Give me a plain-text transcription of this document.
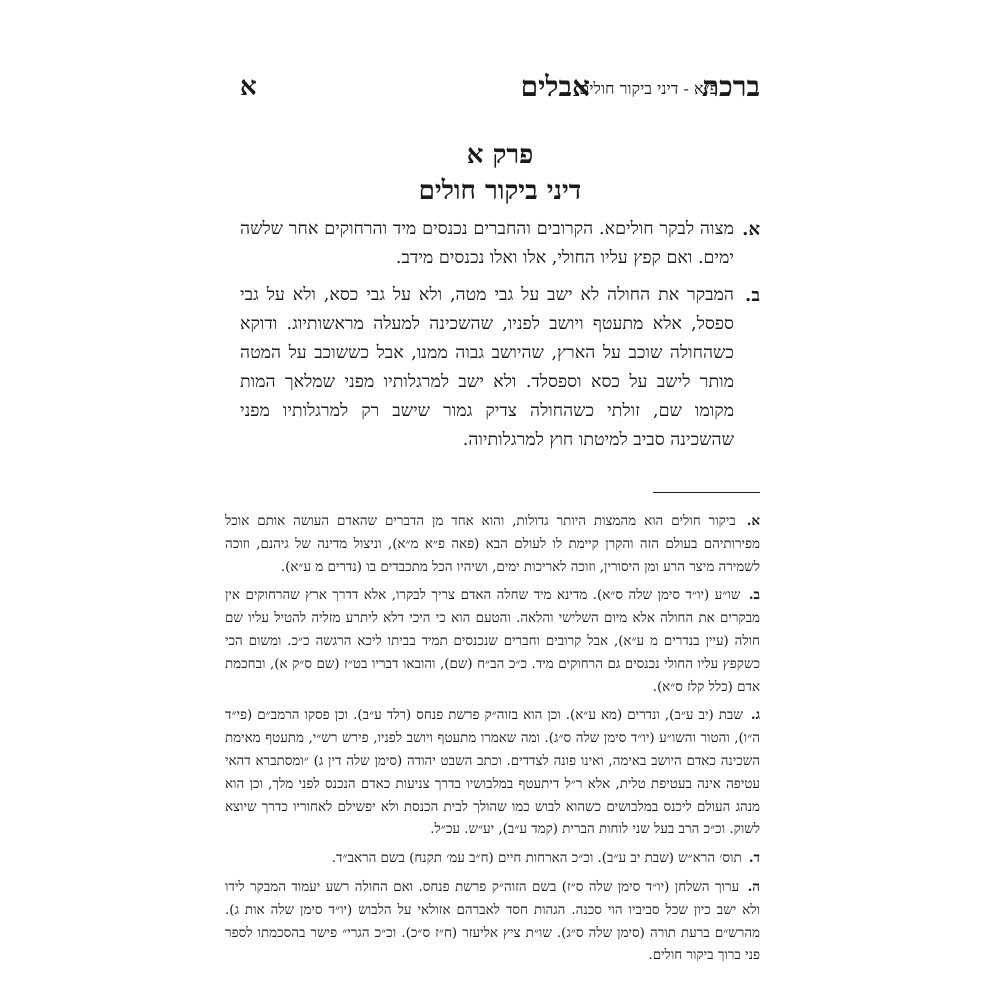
ברכת
פ״א - דיני ביקור חולים
אבלים
א
פרק א
דיני ביקור חולים
א.
מצוה לבקר חוליםא. הקרובים והחברים נכנסים מיד והרחוקים אחר שלשה ימים. ואם קפץ עליו החולי, אלו ואלו נכנסים מידב.
ב.
המבקר את החולה לא ישב על גבי מטה, ולא על גבי כסא, ולא על גבי ספסל, אלא מתעטף ויושב לפניו, שהשכינה למעלה מראשותיוג. ודוקא כשהחולה שוכב על הארץ, שהיושב גבוה ממנו, אבל כששוכב על המטה מותר לישב על כסא וספסלד. ולא ישב למרגלותיו מפני שמלאך המות מקומו שם, זולתי כשהחולה צדיק גמור שישב רק למרגלותיו מפני שהשכינה סביב למיטתו חוץ למרגלותיוה.
א. ביקור חולים הוא מהמצות היותר גדולות, והוא אחד מן הדברים שהאדם העושה אותם אוכל מפירותיהם בעולם הזה והקרן קיימת לו לעולם הבא (פאה פ״א מ״א), וניצול מדינה של גיהנם, וזוכה לשמירה מיצר הרע ומן היסורין, וזוכה לאריכות ימים, ושיהיו הכל מתכבדים בו (נדרים מ ע״א).
ב. שו״ע (יו״ד סימן שלה ס״א). מדינא מיד שחלה האדם צריך לבקרו, אלא דדרך ארץ שהרחוקים אין מבקרים את החולה אלא מיום השלישי והלאה. והטעם הוא כי היכי דלא ליתרע מזליה להטיל עליו שם חולה (עיין בנדרים מ ע״א), אבל קרובים וחברים שנכנסים תמיד בביתו ליכא הרגשה כ״כ. ומשום הכי כשקפץ עליו החולי נכנסים גם הרחוקים מיד. כ״כ הב״ח (שם), והובאו דבריו בט״ז (שם ס״ק א), ובחכמת אדם (כלל קלז ס״א).
ג. שבת (יב ע״ב), ונדרים (מא ע״א). וכן הוא בזוה״ק פרשת פנחס (רלד ע״ב). וכן פסקו הרמב״ם (פי״ד ה״ו), והטור והשו״ע (יו״ד סימן שלה ס״ג). ומה שאמרו מתעטף ויושב לפניו, פירש רש״י, מתעטף מאימת השכינה כאדם היושב באימה, ואינו פונה לצדדים. וכתב השבט יהודה (סימן שלה דין ג) ״ומסתברא דהאי עטיפה אינה בעטיפת טלית, אלא ר״ל דיתעטף במלבושיו בדרך צניעות כאדם הנכנס לפני מלך, וכן הוא מנהג העולם ליכנס במלבושים כשהוא לבוש כמו שהולך לבית הכנסת ולא יפשילם לאחוריו כדרך שיוצא לשוק. וכ״כ הרב בעל שני לוחות הברית (קמד ע״ב), יע״ש. עכ״ל.
ד. תוס׳ הרא״ש (שבת יב ע״ב). וכ״כ הארחות חיים (ח״ב עמ׳ תקנח) בשם הראב״ד.
ה. ערוך השלחן (יו״ד סימן שלה ס״ז) בשם הזוה״ק פרשת פנחס. ואם החולה רשע יעמוד המבקר לידו ולא ישב כיון שכל סביביו הוי סכנה. הגהות חסד לאברהם אזולאי על הלבוש (יו״ד סימן שלה אות ג). מהרש״ם ברעת תורה (סימן שלה ס״ג). שו״ת ציץ אליעזר (ח״ז ס״כ). וכ״כ הגרי״ פישר בהסכמתו לספר פני ברוך ביקור חולים.
